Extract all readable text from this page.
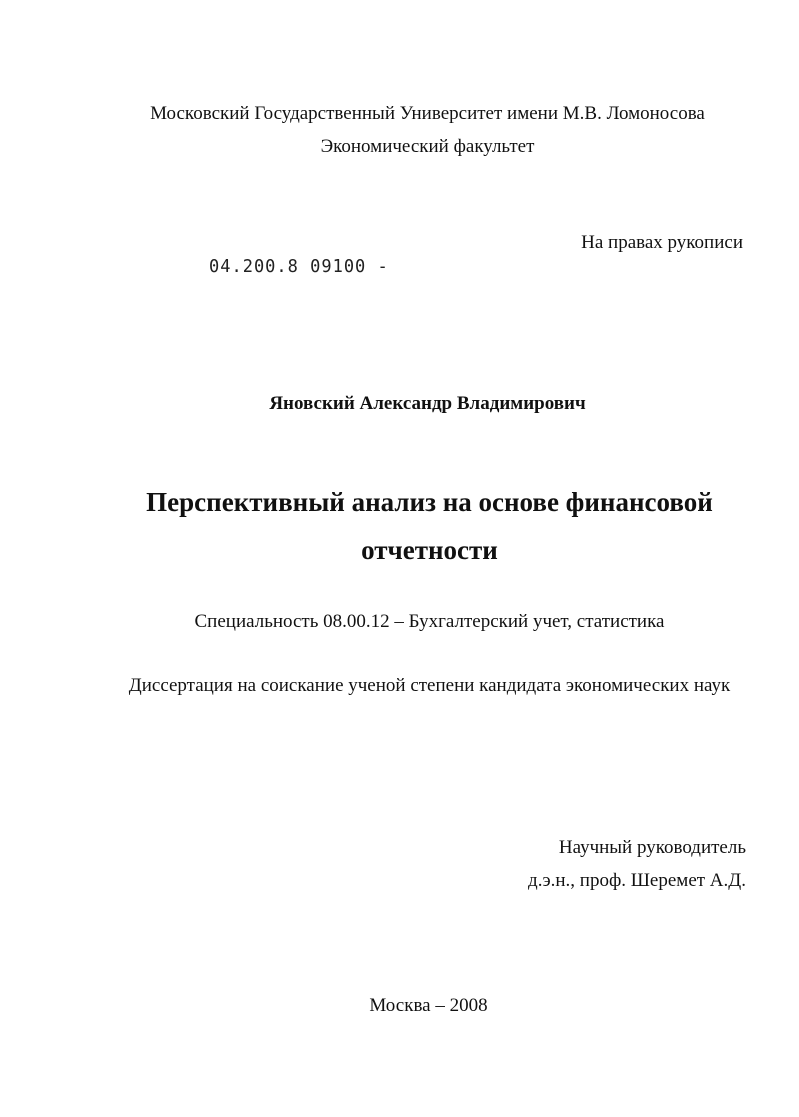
Московский Государственный Университет имени М.В. Ломоносова
Экономический факультет
На правах рукописи
04.200.8 09100 -
Яновский Александр Владимирович
Перспективный анализ на основе финансовой
отчетности
Специальность 08.00.12 – Бухгалтерский учет, статистика
Диссертация на соискание ученой степени кандидата экономических наук
Научный руководитель
д.э.н., проф. Шеремет А.Д.
Москва – 2008
